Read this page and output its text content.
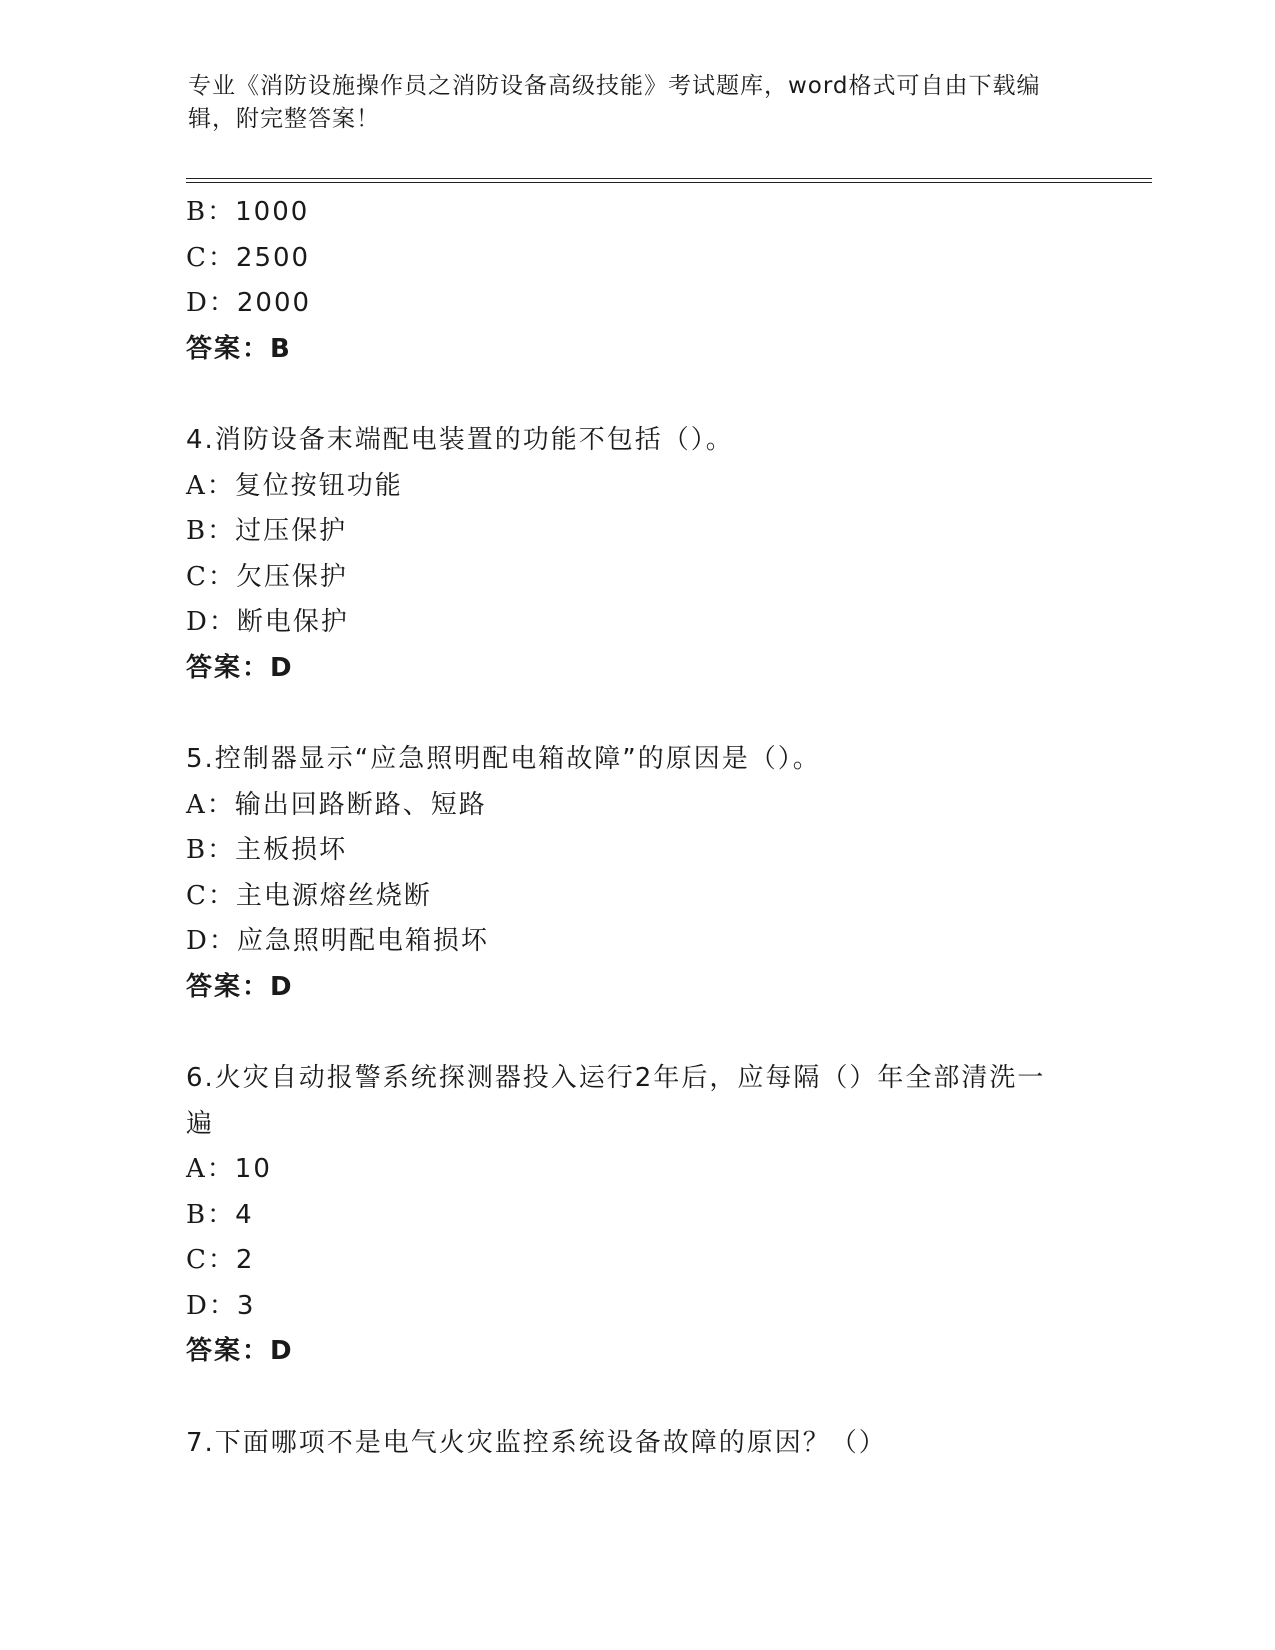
专业《消防设施操作员之消防设备高级技能》考试题库，word格式可自由下载编辑，附完整答案！
B：1000
C：2500
D：2000
答案：B
4.消防设备末端配电装置的功能不包括（）。
A：复位按钮功能
B：过压保护
C：欠压保护
D：断电保护
答案：D
5.控制器显示“应急照明配电箱故障”的原因是（）。
A：输出回路断路、短路
B：主板损坏
C：主电源熔丝烧断
D：应急照明配电箱损坏
答案：D
6.火灾自动报警系统探测器投入运行2年后，应每隔（）年全部清洗一遍
A：10
B：4
C：2
D：3
答案：D
7.下面哪项不是电气火灾监控系统设备故障的原因？（）
